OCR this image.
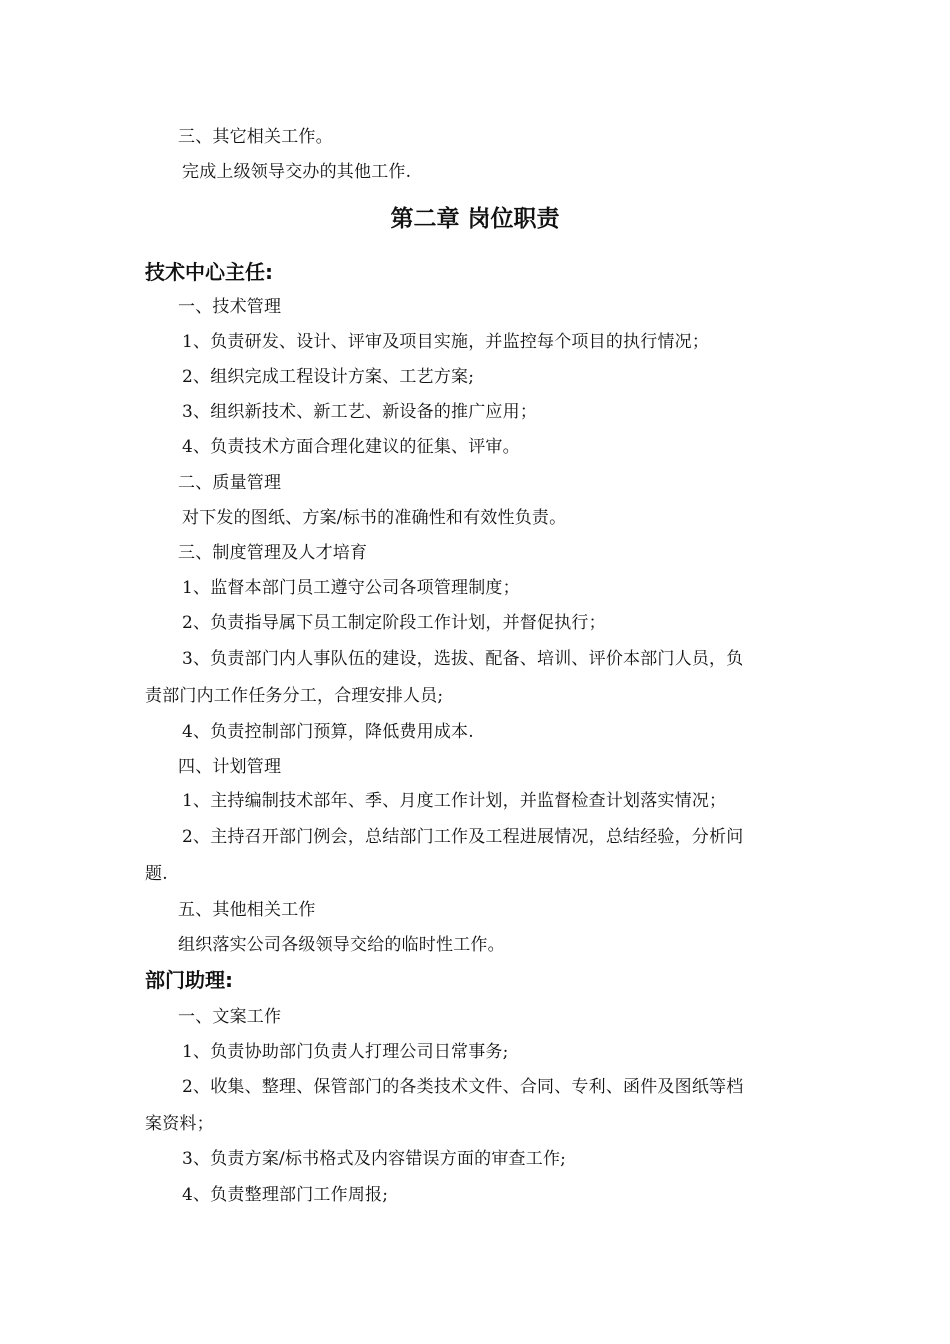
三、其它相关工作。
完成上级领导交办的其他工作.
第二章 岗位职责
技术中心主任:
一、技术管理
1、负责研发、设计、评审及项目实施，并监控每个项目的执行情况；
2、组织完成工程设计方案、工艺方案;
3、组织新技术、新工艺、新设备的推广应用；
4、负责技术方面合理化建议的征集、评审。
二、质量管理
对下发的图纸、方案/标书的准确性和有效性负责。
三、制度管理及人才培育
1、监督本部门员工遵守公司各项管理制度；
2、负责指导属下员工制定阶段工作计划，并督促执行；
3、负责部门内人事队伍的建设，选拔、配备、培训、评价本部门人员，负
责部门内工作任务分工，合理安排人员;
4、负责控制部门预算，降低费用成本.
四、计划管理
1、主持编制技术部年、季、月度工作计划，并监督检查计划落实情况；
2、主持召开部门例会，总结部门工作及工程进展情况，总结经验，分析问
题.
五、其他相关工作
组织落实公司各级领导交给的临时性工作。
部门助理:
一、文案工作
1、负责协助部门负责人打理公司日常事务;
2、收集、整理、保管部门的各类技术文件、合同、专利、函件及图纸等档
案资料；
3、负责方案/标书格式及内容错误方面的审查工作;
4、负责整理部门工作周报;
